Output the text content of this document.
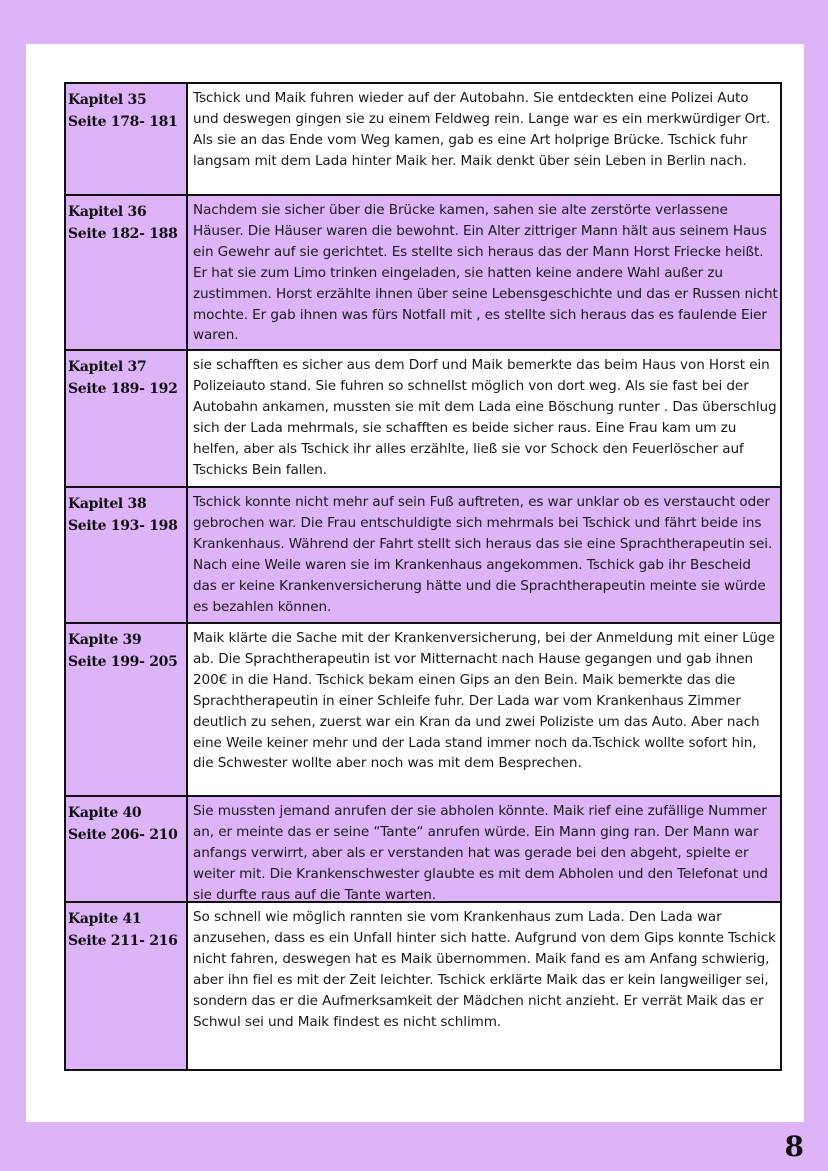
Kapitel 35
Seite 178- 181
Tschick und Maik fuhren wieder auf der Autobahn. Sie entdeckten eine Polizei Auto und deswegen gingen sie zu einem Feldweg rein. Lange war es ein merkwürdiger Ort. Als sie an das Ende vom Weg kamen, gab es eine Art holprige Brücke. Tschick fuhr langsam mit dem Lada hinter Maik her. Maik denkt über sein Leben in Berlin nach.
Kapitel 36
Seite 182- 188
Nachdem sie sicher über die Brücke kamen, sahen sie alte zerstörte verlassene Häuser. Die Häuser waren die bewohnt. Ein Alter zittriger Mann hält aus seinem Haus ein Gewehr auf sie gerichtet. Es stellte sich heraus das der Mann Horst Friecke heißt. Er hat sie zum Limo trinken eingeladen, sie hatten keine andere Wahl außer zu zustimmen. Horst erzählte ihnen über seine Lebensgeschichte und das er Russen nicht mochte. Er gab ihnen was fürs Notfall mit , es stellte sich heraus das es faulende Eier waren.
Kapitel 37
Seite 189- 192
sie schafften es sicher aus dem Dorf und Maik bemerkte das beim Haus von Horst ein Polizeiauto stand. Sie fuhren so schnellst möglich von dort weg. Als sie fast bei der Autobahn ankamen, mussten sie mit dem Lada eine Böschung runter . Das überschlug sich der Lada mehrmals, sie schafften es beide sicher raus. Eine Frau kam um zu helfen, aber als Tschick ihr alles erzählte, ließ sie vor Schock den Feuerlöscher auf Tschicks Bein fallen.
Kapitel 38
Seite 193- 198
Tschick konnte nicht mehr auf sein Fuß auftreten, es war unklar ob es verstaucht oder gebrochen war. Die Frau entschuldigte sich mehrmals bei Tschick und fährt beide ins Krankenhaus. Während der Fahrt stellt sich heraus das sie eine Sprachtherapeutin sei. Nach eine Weile waren sie im Krankenhaus angekommen. Tschick gab ihr Bescheid das er keine Krankenversicherung hätte und die Sprachtherapeutin meinte sie würde es bezahlen können.
Kapite 39
Seite 199- 205
Maik klärte die Sache mit der Krankenversicherung, bei der Anmeldung mit einer Lüge ab. Die Sprachtherapeutin ist vor Mitternacht nach Hause gegangen und gab ihnen 200€ in die Hand. Tschick bekam einen Gips an den Bein. Maik bemerkte das die Sprachtherapeutin in einer Schleife fuhr. Der Lada war vom Krankenhaus Zimmer deutlich zu sehen, zuerst war ein Kran da und zwei Poliziste um das Auto. Aber nach eine Weile keiner mehr und der Lada stand immer noch da.Tschick wollte sofort hin, die Schwester wollte aber noch was mit dem Besprechen.
Kapite 40
Seite 206- 210
Sie mussten jemand anrufen der sie abholen könnte. Maik rief eine zufällige Nummer an, er meinte das er seine “Tante“ anrufen würde. Ein Mann ging ran. Der Mann war anfangs verwirrt, aber als er verstanden hat was gerade bei den abgeht, spielte er weiter mit. Die Krankenschwester glaubte es mit dem Abholen und den Telefonat und sie durfte raus auf die Tante warten.
Kapite 41
Seite 211- 216
So schnell wie möglich rannten sie vom Krankenhaus zum Lada. Den Lada war anzusehen, dass es ein Unfall hinter sich hatte. Aufgrund von dem Gips konnte Tschick nicht fahren, deswegen hat es Maik übernommen. Maik fand es am Anfang schwierig, aber ihn fiel es mit der Zeit leichter. Tschick erklärte Maik das er kein langweiliger sei, sondern das er die Aufmerksamkeit der Mädchen nicht anzieht. Er verrät Maik das er Schwul sei und Maik findest es nicht schlimm.
8
